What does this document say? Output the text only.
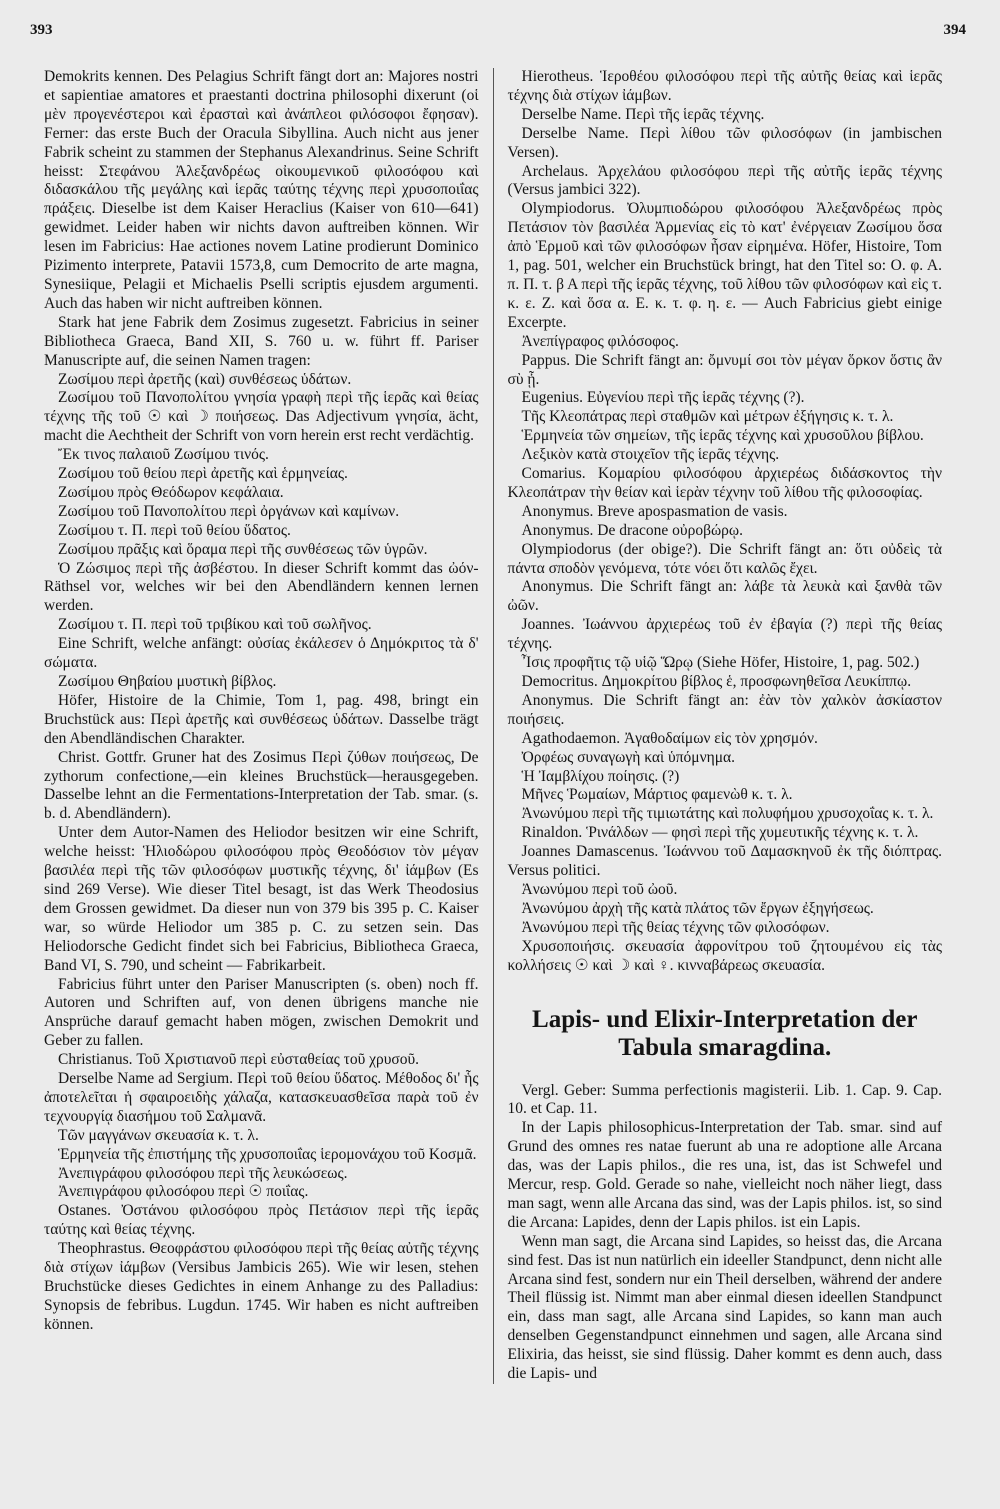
393	394

Demokrits kennen. Des Pelagius Schrift fängt dort an: Majores nostri et sapientiae amatores et praestanti doctrina philosophi dixerunt (οἱ μὲν προγενέστεροι καὶ ἐρασταὶ καὶ ἀνάπλεοι φιλόσοφοι ἔφησαν). Ferner: das erste Buch der Oracula Sibyllina. Auch nicht aus jener Fabrik scheint zu stammen der Stephanus Alexandrinus. Seine Schrift heisst: Στεφάνου Ἀλεξανδρέως οἰκουμενικοῦ φιλοσόφου καὶ διδασκάλου τῆς μεγάλης καὶ ἱερᾶς ταύτης τέχνης περὶ χρυσοποιΐας πράξεις. Dieselbe ist dem Kaiser Heraclius (Kaiser von 610—641) gewidmet. Leider haben wir nichts davon auftreiben können. Wir lesen im Fabricius: Hae actiones novem Latine prodierunt Dominico Pizimento interprete, Patavii 1573,8, cum Democrito de arte magna, Synesiique, Pelagii et Michaelis Pselli scriptis ejusdem argumenti. Auch das haben wir nicht auftreiben können.

Stark hat jene Fabrik dem Zosimus zugesetzt. Fabricius in seiner Bibliotheca Graeca, Band XII, S. 760 u. w. führt ff. Pariser Manuscripte auf, die seinen Namen tragen:

Ζωσίμου περὶ ἀρετῆς (καὶ) συνθέσεως ὑδάτων.

Ζωσίμου τοῦ Πανοπολίτου γνησία γραφὴ περὶ τῆς ἱερᾶς καὶ θείας τέχνης τῆς τοῦ ☉ καὶ ☽ ποιήσεως. Das Adjectivum γνησία, ächt, macht die Aechtheit der Schrift von vorn herein erst recht verdächtig.

Ἔκ τινος παλαιοῦ Ζωσίμου τινός.

Ζωσίμου τοῦ θείου περὶ ἀρετῆς καὶ ἑρμηνείας.

Ζωσίμου πρὸς Θεόδωρον κεφάλαια.

Ζωσίμου τοῦ Πανοπολίτου περὶ ὀργάνων καὶ καμίνων.

Ζωσίμου τ. Π. περὶ τοῦ θείου ὕδατος.

Ζωσίμου πρᾶξις καὶ ὅραμα περὶ τῆς συνθέσεως τῶν ὑγρῶν.

Ὁ Ζώσιμος περὶ τῆς ἀσβέστου. In dieser Schrift kommt das ὠόν-Räthsel vor, welches wir bei den Abendländern kennen lernen werden.

Ζωσίμου τ. Π. περὶ τοῦ τριβίκου καὶ τοῦ σωλῆνος.

Eine Schrift, welche anfängt: οὐσίας ἐκάλεσεν ὁ Δημόκριτος τὰ δ' σώματα.

Ζωσίμου Θηβαίου μυστικὴ βίβλος.

Höfer, Histoire de la Chimie, Tom 1, pag. 498, bringt ein Bruchstück aus: Περὶ ἀρετῆς καὶ συνθέσεως ὑδάτων. Dasselbe trägt den Abendländischen Charakter.

Christ. Gottfr. Gruner hat des Zosimus Περὶ ζύθων ποιήσεως, De zythorum confectione,—ein kleines Bruchstück—herausgegeben. Dasselbe lehnt an die Fermentations-Interpretation der Tab. smar. (s. b. d. Abendländern).

Unter dem Autor-Namen des Heliodor besitzen wir eine Schrift, welche heisst: Ἡλιοδώρου φιλοσόφου πρὸς Θεοδόσιον τὸν μέγαν βασιλέα περὶ τῆς τῶν φιλοσόφων μυστικῆς τέχνης, δι' ἰάμβων (Es sind 269 Verse). Wie dieser Titel besagt, ist das Werk Theodosius dem Grossen gewidmet. Da dieser nun von 379 bis 395 p. C. Kaiser war, so würde Heliodor um 385 p. C. zu setzen sein. Das Heliodorsche Gedicht findet sich bei Fabricius, Bibliotheca Graeca, Band VI, S. 790, und scheint — Fabrikarbeit.

Fabricius führt unter den Pariser Manuscripten (s. oben) noch ff. Autoren und Schriften auf, von denen übrigens manche nie Ansprüche darauf gemacht haben mögen, zwischen Demokrit und Geber zu fallen.

Christianus. Τοῦ Χριστιανοῦ περὶ εὐσταθείας τοῦ χρυσοῦ.

Derselbe Name ad Sergium. Περὶ τοῦ θείου ὕδατος. Μέθοδος δι' ἧς ἀποτελεῖται ἡ σφαιροειδὴς χάλαζα, κατασκευασθεῖσα παρὰ τοῦ ἐν τεχνουργίᾳ διασήμου τοῦ Σαλμανᾶ.

Τῶν μαγγάνων σκευασία κ. τ. λ.

Ἑρμηνεία τῆς ἐπιστήμης τῆς χρυσοποιΐας ἱερομονάχου τοῦ Κοσμᾶ.

Ἀνεπιγράφου φιλοσόφου περὶ τῆς λευκώσεως.

Ἀνεπιγράφου φιλοσόφου περὶ ☉ ποιΐας.

Ostanes. Ὀστάνου φιλοσόφου πρὸς Πετάσιον περὶ τῆς ἱερᾶς ταύτης καὶ θείας τέχνης.

Theophrastus. Θεοφράστου φιλοσόφου περὶ τῆς θείας αὐτῆς τέχνης διὰ στίχων ἰάμβων (Versibus Jambicis 265). Wie wir lesen, stehen Bruchstücke dieses Gedichtes in einem Anhange zu des Palladius: Synopsis de febribus. Lugdun. 1745. Wir haben es nicht auftreiben können.

Hierotheus. Ἱεροθέου φιλοσόφου περὶ τῆς αὐτῆς θείας καὶ ἱερᾶς τέχνης διὰ στίχων ἰάμβων.

Derselbe Name. Περὶ τῆς ἱερᾶς τέχνης.

Derselbe Name. Περὶ λίθου τῶν φιλοσόφων (in jambischen Versen).

Archelaus. Ἀρχελάου φιλοσόφου περὶ τῆς αὐτῆς ἱερᾶς τέχνης (Versus jambici 322).

Olympiodorus. Ὀλυμπιοδώρου φιλοσόφου Ἀλεξανδρέως πρὸς Πετάσιον τὸν βασιλέα Ἀρμενίας εἰς τὸ κατ' ἐνέργειαν Ζωσίμου ὅσα ἀπὸ Ἑρμοῦ καὶ τῶν φιλοσόφων ἦσαν εἰρημένα. Höfer, Histoire, Tom 1, pag. 501, welcher ein Bruchstück bringt, hat den Titel so: Ο. φ. Α. π. Π. τ. β Α περὶ τῆς ἱερᾶς τέχνης, τοῦ λίθου τῶν φιλοσόφων καὶ εἰς τ. κ. ε. Ζ. καὶ ὅσα α. Ε. κ. τ. φ. η. ε. — Auch Fabricius giebt einige Excerpte.

Ἀνεπίγραφος φιλόσοφος.

Pappus. Die Schrift fängt an: ὄμνυμί σοι τὸν μέγαν ὅρκον ὅστις ἂν σὺ ᾖ.

Eugenius. Εὐγενίου περὶ τῆς ἱερᾶς τέχνης (?).

Τῆς Κλεοπάτρας περὶ σταθμῶν καὶ μέτρων ἐξήγησις κ. τ. λ.

Ἑρμηνεία τῶν σημείων, τῆς ἱερᾶς τέχνης καὶ χρυσοῦλου βίβλου.

Λεξικὸν κατὰ στοιχεῖον τῆς ἱερᾶς τέχνης.

Comarius. Κομαρίου φιλοσόφου ἀρχιερέως διδάσκοντος τὴν Κλεοπάτραν τὴν θείαν καὶ ἱερὰν τέχνην τοῦ λίθου τῆς φιλοσοφίας.

Anonymus. Breve apospasmation de vasis.

Anonymus. De dracone οὐροβώρῳ.

Olympiodorus (der obige?). Die Schrift fängt an: ὅτι οὐδεὶς τὰ πάντα σποδὸν γενόμενα, τότε νόει ὅτι καλῶς ἔχει.

Anonymus. Die Schrift fängt an: λάβε τὰ λευκὰ καὶ ξανθὰ τῶν ὠῶν.

Joannes. Ἰωάννου ἀρχιερέως τοῦ ἐν ἐβαγία (?) περὶ τῆς θείας τέχνης.

Ἶσις προφῆτις τῷ υἱῷ Ὥρῳ (Siehe Höfer, Histoire, 1, pag. 502.)

Democritus. Δημοκρίτου βίβλος ἑ, προσφωνηθεῖσα Λευκίππῳ.

Anonymus. Die Schrift fängt an: ἐὰν τὸν χαλκὸν ἀσκίαστον ποιήσεις.

Agathodaemon. Ἀγαθοδαίμων εἰς τὸν χρησμόν.

Ὀρφέως συναγωγὴ καὶ ὑπόμνημα.

Ἡ Ἰαμβλίχου ποίησις. (?)

Μῆνες Ῥωμαίων, Μάρτιος φαμενὼθ κ. τ. λ.

Ἀνωνύμου περὶ τῆς τιμιωτάτης καὶ πολυφήμου χρυσοχοΐας κ. τ. λ.

Rinaldon. Ῥινάλδων — φησὶ περὶ τῆς χυμευτικῆς τέχνης κ. τ. λ.

Joannes Damascenus. Ἰωάννου τοῦ Δαμασκηνοῦ ἐκ τῆς διόπτρας. Versus politici.

Ἀνωνύμου περὶ τοῦ ὠοῦ.

Ἀνωνύμου ἀρχὴ τῆς κατὰ πλάτος τῶν ἔργων ἐξηγήσεως.

Ἀνωνύμου περὶ τῆς θείας τέχνης τῶν φιλοσόφων.

Χρυσοποιήσις. σκευασία ἀφρονίτρου τοῦ ζητουμένου εἰς τὰς κολλήσεις ☉ καὶ ☽ καὶ ♀. κινναβάρεως σκευασία.

Lapis- und Elixir-Interpretation der Tabula smaragdina.

Vergl. Geber: Summa perfectionis magisterii. Lib. 1. Cap. 9. Cap. 10. et Cap. 11.

In der Lapis philosophicus-Interpretation der Tab. smar. sind auf Grund des omnes res natae fuerunt ab una re adoptione alle Arcana das, was der Lapis philos., die res una, ist, das ist Schwefel und Mercur, resp. Gold. Gerade so nahe, vielleicht noch näher liegt, dass man sagt, wenn alle Arcana das sind, was der Lapis philos. ist, so sind die Arcana: Lapides, denn der Lapis philos. ist ein Lapis.

Wenn man sagt, die Arcana sind Lapides, so heisst das, die Arcana sind fest. Das ist nun natürlich ein ideeller Standpunct, denn nicht alle Arcana sind fest, sondern nur ein Theil derselben, während der andere Theil flüssig ist. Nimmt man aber einmal diesen ideellen Standpunct ein, dass man sagt, alle Arcana sind Lapides, so kann man auch denselben Gegenstandpunct einnehmen und sagen, alle Arcana sind Elixiria, das heisst, sie sind flüssig. Daher kommt es denn auch, dass die Lapis- und
